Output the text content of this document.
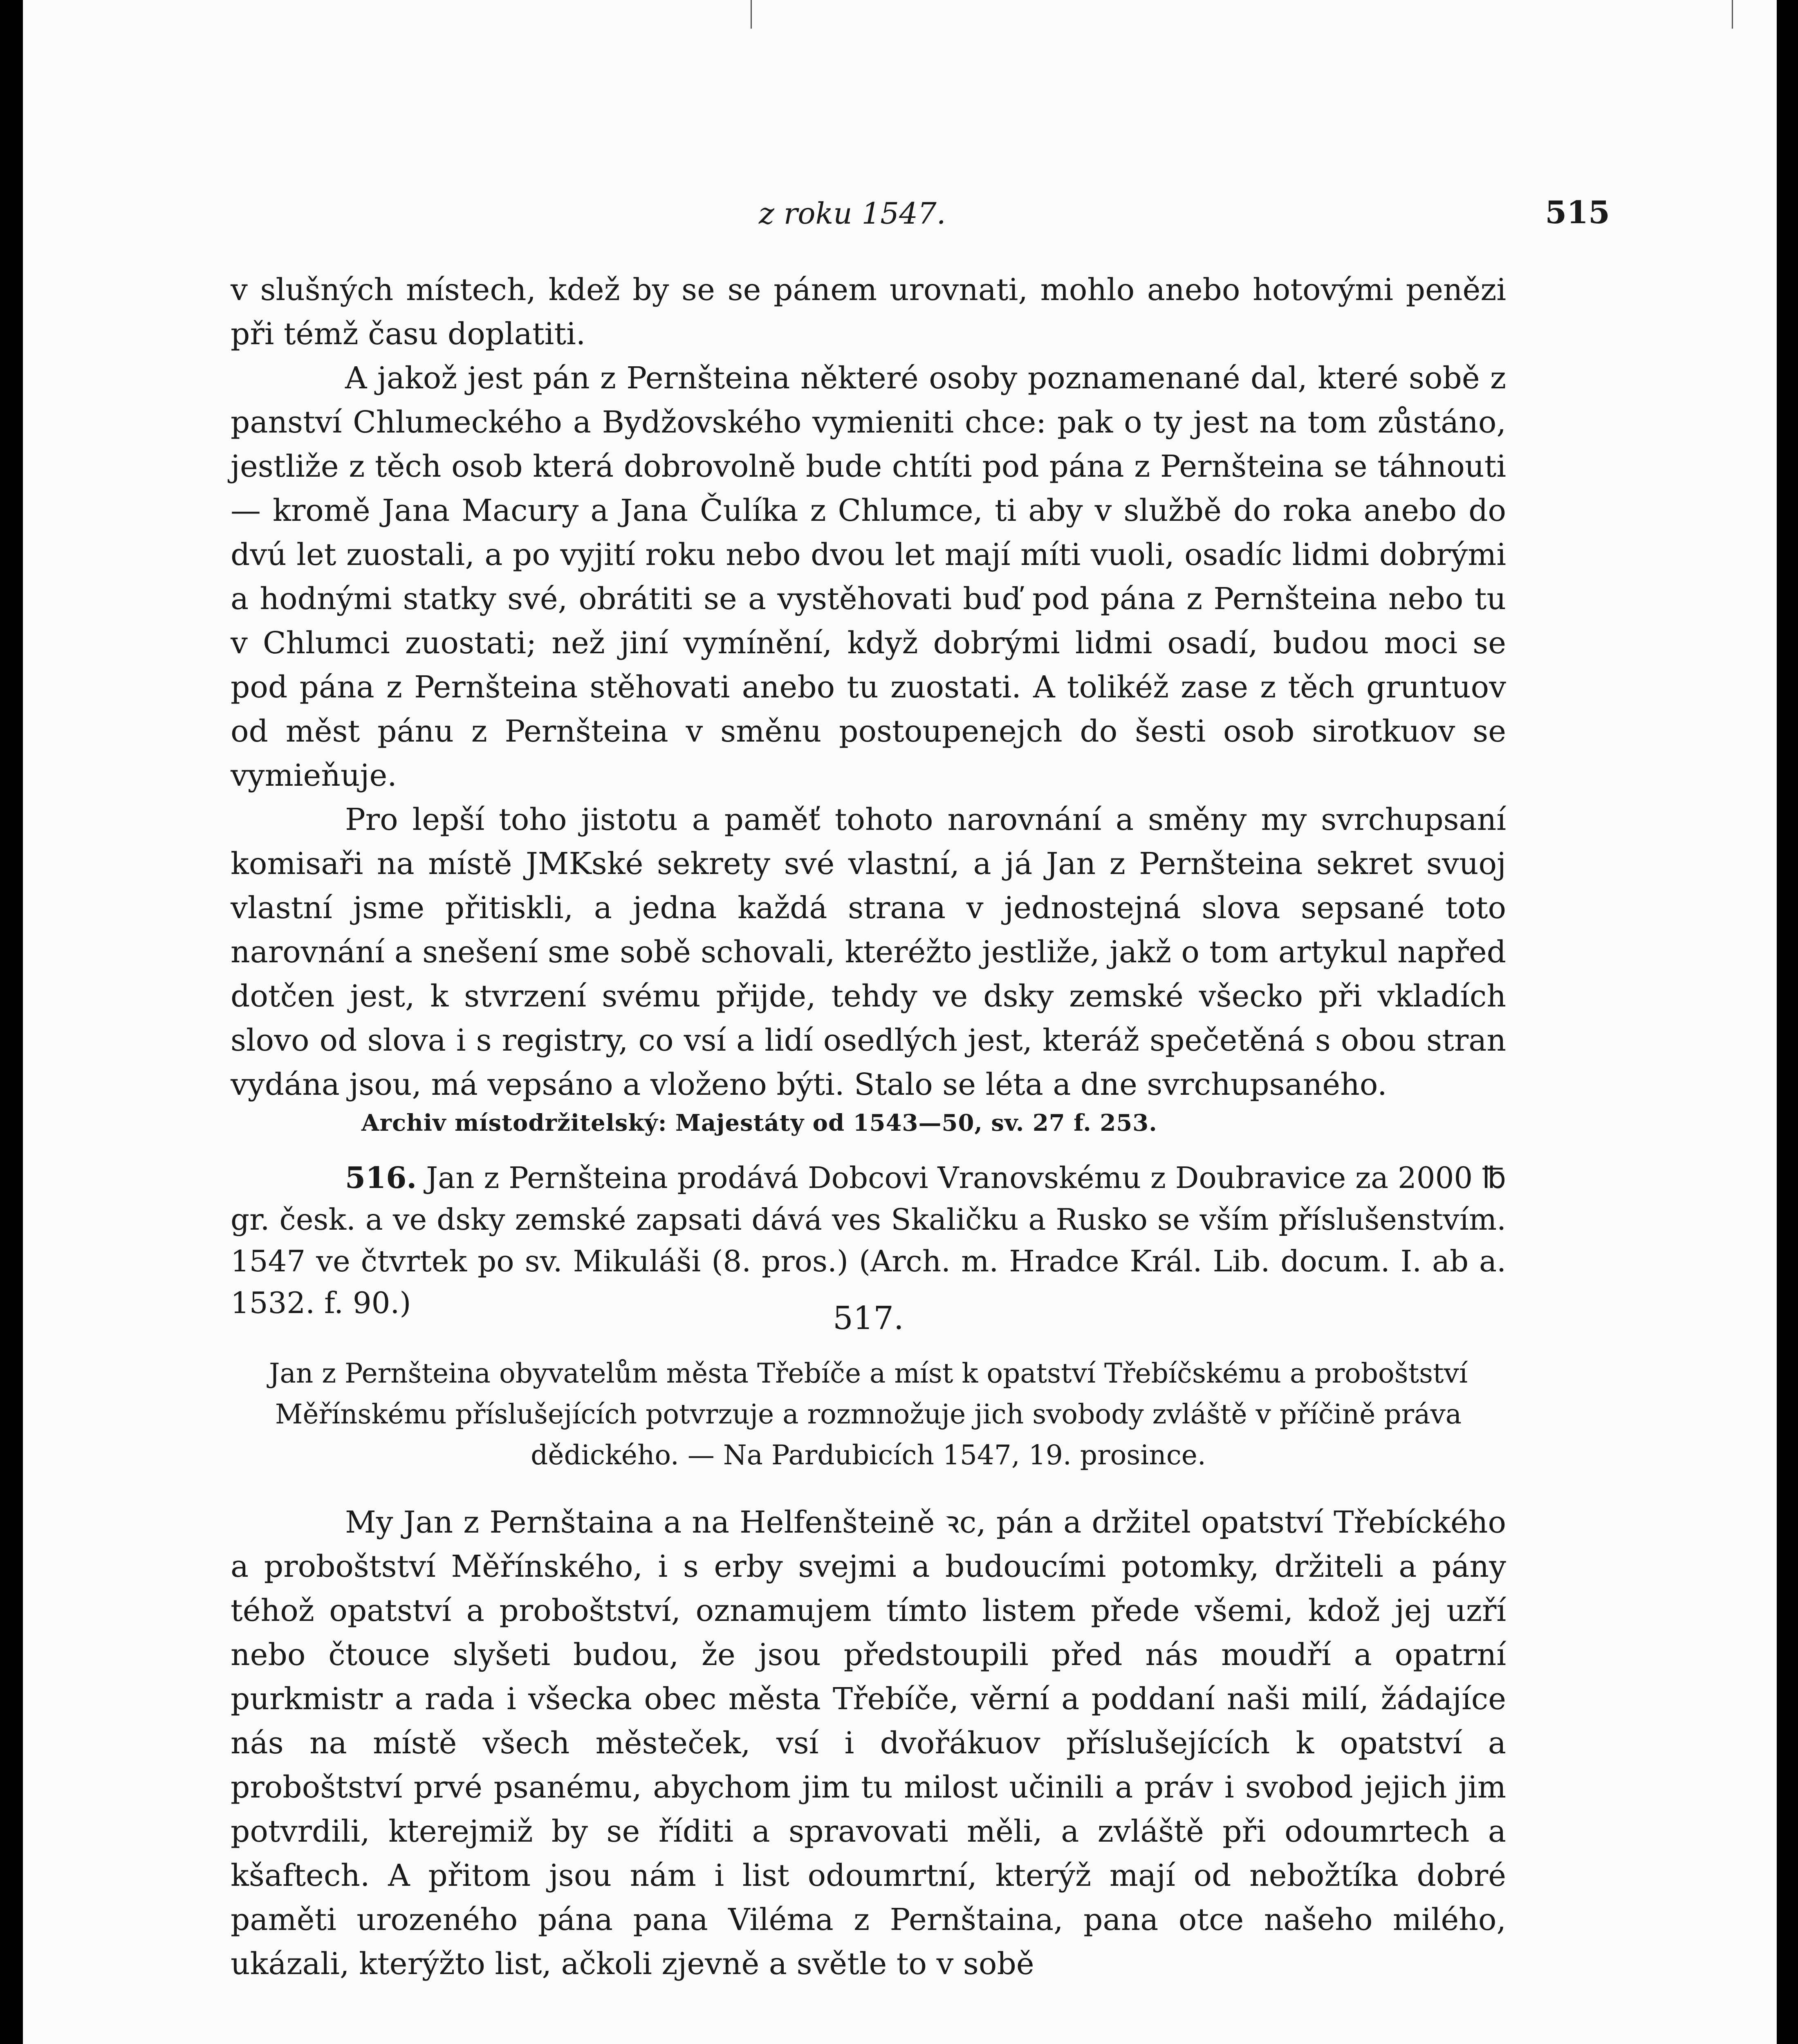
z roku 1547.	515

v slušných místech, kdež by se se pánem urovnati, mohlo anebo hotovými penězi při témž času doplatiti.

A jakož jest pán z Pernšteina některé osoby poznamenané dal, které sobě z panství Chlumeckého a Bydžovského vymieniti chce: pak o ty jest na tom zůstáno, jestliže z těch osob která dobrovolně bude chtíti pod pána z Pernšteina se táhnouti — kromě Jana Macury a Jana Čulíka z Chlumce, ti aby v službě do roka anebo do dvú let zuostali, a po vyjití roku nebo dvou let mají míti vuoli, osadíc lidmi dobrými a hodnými statky své, obrátiti se a vystěhovati buď pod pána z Pernšteina nebo tu v Chlumci zuostati; než jiní vymínění, když dobrými lidmi osadí, budou moci se pod pána z Pernšteina stěhovati anebo tu zuostati. A tolikéž zase z těch gruntuov od měst pánu z Pernšteina v směnu postoupenejch do šesti osob sirotkuov se vymieňuje.

Pro lepší toho jistotu a paměť tohoto narovnání a směny my svrchupsaní komisaři na místě JMKské sekrety své vlastní, a já Jan z Pernšteina sekret svuoj vlastní jsme přitiskli, a jedna každá strana v jednostejná slova sepsané toto narovnání a snešení sme sobě schovali, kteréžto jestliže, jakž o tom artykul napřed dotčen jest, k stvrzení svému přijde, tehdy ve dsky zemské všecko při vkladích slovo od slova i s registry, co vsí a lidí osedlých jest, kteráž spečetěná s obou stran vydána jsou, má vepsáno a vloženo býti. Stalo se léta a dne svrchupsaného.

Archiv místodržitelský: Majestáty od 1543—50, sv. 27 f. 253.

516. Jan z Pernšteina prodává Dobcovi Vranovskému z Doubravice za 2000 ℔ gr. česk. a ve dsky zemské zapsati dává ves Skaličku a Rusko se vším příslušenstvím. 1547 ve čtvrtek po sv. Mikuláši (8. pros.) (Arch. m. Hradce Král. Lib. docum. I. ab a. 1532. f. 90.)	517.

Jan z Pernšteina obyvatelům města Třebíče a míst k opatství Třebíčskému a proboštství Měřínskému příslušejících potvrzuje a rozmnožuje jich svobody zvláště v příčině práva dědického. — Na Pardubicích 1547, 19. prosince.

My Jan z Pernštaina a na Helfenšteině ꝛc, pán a držitel opatství Třebíckého a proboštství Měřínského, i s erby svejmi a budoucími potomky, držiteli a pány téhož opatství a proboštství, oznamujem tímto listem přede všemi, kdož jej uzří nebo čtouce slyšeti budou, že jsou předstoupili před nás moudří a opatrní purkmistr a rada i všecka obec města Třebíče, věrní a poddaní naši milí, žádajíce nás na místě všech městeček, vsí i dvořákuov příslušejících k opatství a proboštství prvé psanému, abychom jim tu milost učinili a práv i svobod jejich jim potvrdili, kterejmiž by se říditi a spravovati měli, a zvláště při odoumrtech a kšaftech. A přitom jsou nám i list odoumrtní, kterýž mají od nebožtíka dobré paměti urozeného pána pana Viléma z Pernštaina, pana otce našeho milého, ukázali, kterýžto list, ačkoli zjevně a světle to v sobě
